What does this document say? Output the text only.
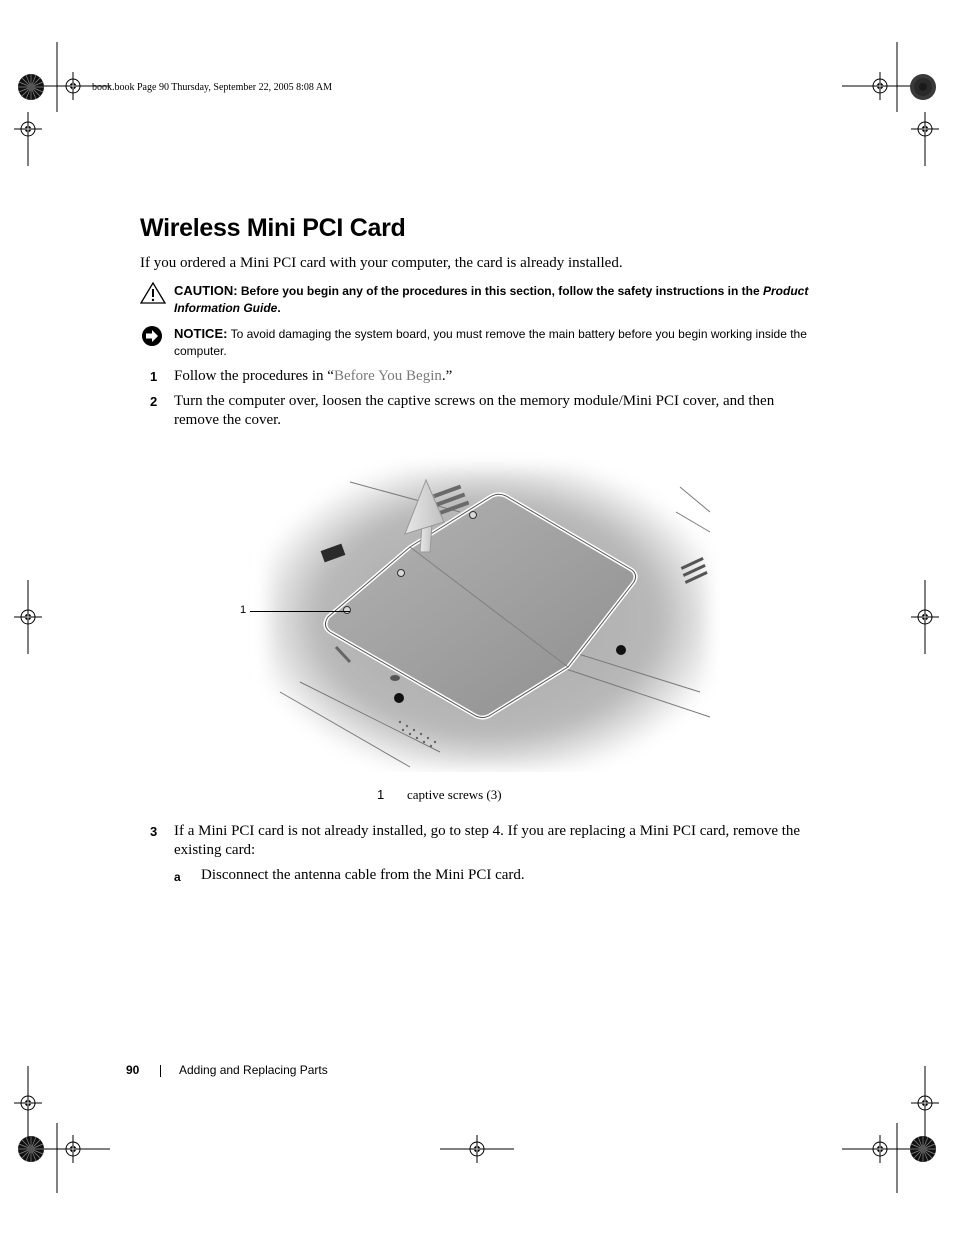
book.book Page 90 Thursday, September 22, 2005 8:08 AM
Wireless Mini PCI Card
If you ordered a Mini PCI card with your computer, the card is already installed.
CAUTION: Before you begin any of the procedures in this section, follow the safety instructions in the Product Information Guide.
NOTICE: To avoid damaging the system board, you must remove the main battery before you begin working inside the computer.
1 Follow the procedures in “Before You Begin.”
2 Turn the computer over, loosen the captive screws on the memory module/Mini PCI cover, and then remove the cover.
1
1 captive screws (3)
3 If a Mini PCI card is not already installed, go to step 4. If you are replacing a Mini PCI card, remove the existing card:
a Disconnect the antenna cable from the Mini PCI card.
90	Adding and Replacing Parts
